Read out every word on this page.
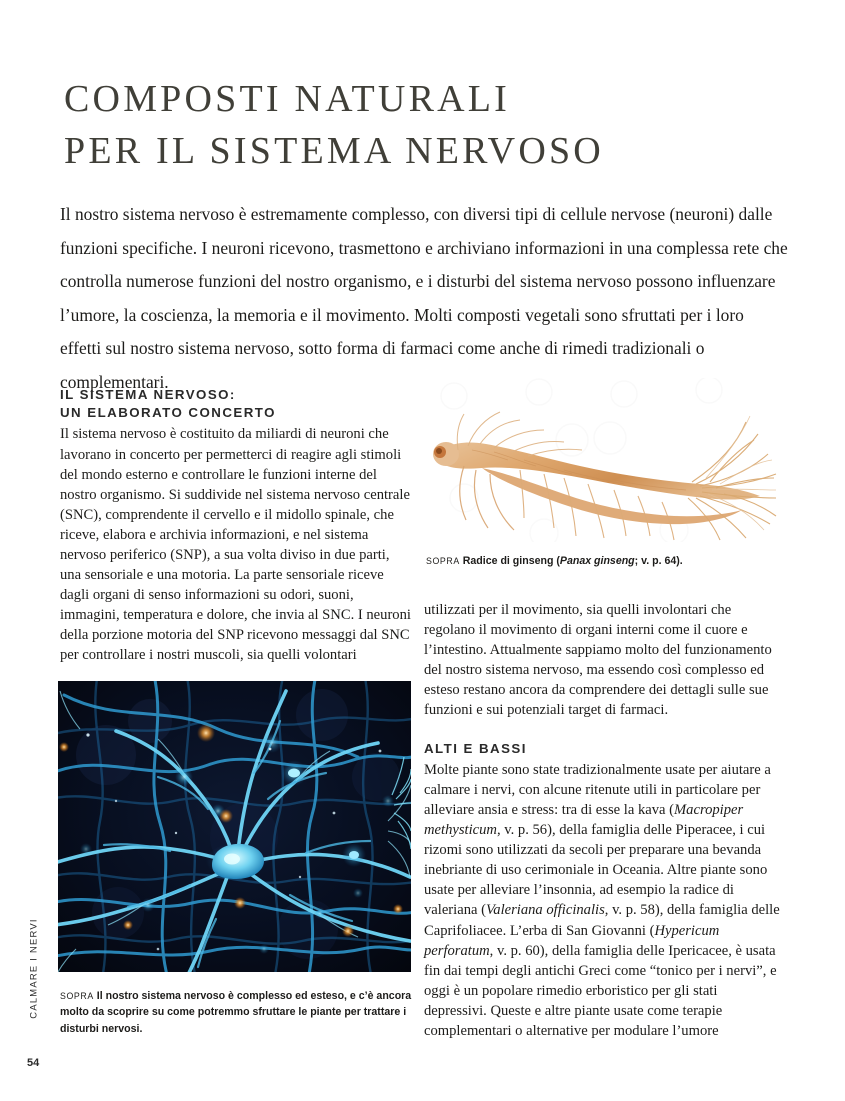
COMPOSTI NATURALI
PER IL SISTEMA NERVOSO

Il nostro sistema nervoso è estremamente complesso, con diversi tipi di cellule nervose (neuroni) dalle funzioni specifiche. I neuroni ricevono, trasmettono e archiviano informazioni in una complessa rete che controlla numerose funzioni del nostro organismo, e i disturbi del sistema nervoso possono influenzare l’umore, la coscienza, la memoria e il movimento. Molti composti vegetali sono sfruttati per i loro effetti sul nostro sistema nervoso, sotto forma di farmaci come anche di rimedi tradizionali o complementari.

SOPRA Radice di ginseng (Panax ginseng; v. p. 64).
IL SISTEMA NERVOSO:
UN ELABORATO CONCERTO

Il sistema nervoso è costituito da miliardi di neuroni che lavorano in concerto per permetterci di reagire agli stimoli del mondo esterno e controllare le funzioni interne del nostro organismo. Si suddivide nel sistema nervoso centrale (SNC), comprendente il cervello e il midollo spinale, che riceve, elabora e archivia informazioni, e nel sistema nervoso periferico (SNP), a sua volta diviso in due parti, una sensoriale e una motoria. La parte sensoriale riceve dagli organi di senso informazioni su odori, suoni, immagini, temperatura e dolore, che invia al SNC. I neuroni della porzione motoria del SNP ricevono messaggi dal SNC per controllare i nostri muscoli, sia quelli volontari

SOPRA Il nostro sistema nervoso è complesso ed esteso, e c’è ancora molto da scoprire su come potremmo sfruttare le piante per trattare i disturbi nervosi.

utilizzati per il movimento, sia quelli involontari che regolano il movimento di organi interni come il cuore e l’intestino. Attualmente sappiamo molto del funzionamento del nostro sistema nervoso, ma essendo così complesso ed esteso restano ancora da comprendere dei dettagli sulle sue funzioni e sui potenziali target di farmaci.

ALTI E BASSI

Molte piante sono state tradizionalmente usate per aiutare a calmare i nervi, con alcune ritenute utili in particolare per alleviare ansia e stress: tra di esse la kava (Macropiper methysticum, v. p. 56), della famiglia delle Piperacee, i cui rizomi sono utilizzati da secoli per preparare una bevanda inebriante di uso cerimoniale in Oceania. Altre piante sono usate per alleviare l’insonnia, ad esempio la radice di valeriana (Valeriana officinalis, v. p. 58), della famiglia delle Caprifoliacee. L’erba di San Giovanni (Hypericum perforatum, v. p. 60), della famiglia delle Ipericacee, è usata fin dai tempi degli antichi Greci come “tonico per i nervi”, e oggi è un popolare rimedio erboristico per gli stati depressivi. Queste e altre piante usate come terapie complementari o alternative per modulare l’umore

CALMARE I NERVI
54
